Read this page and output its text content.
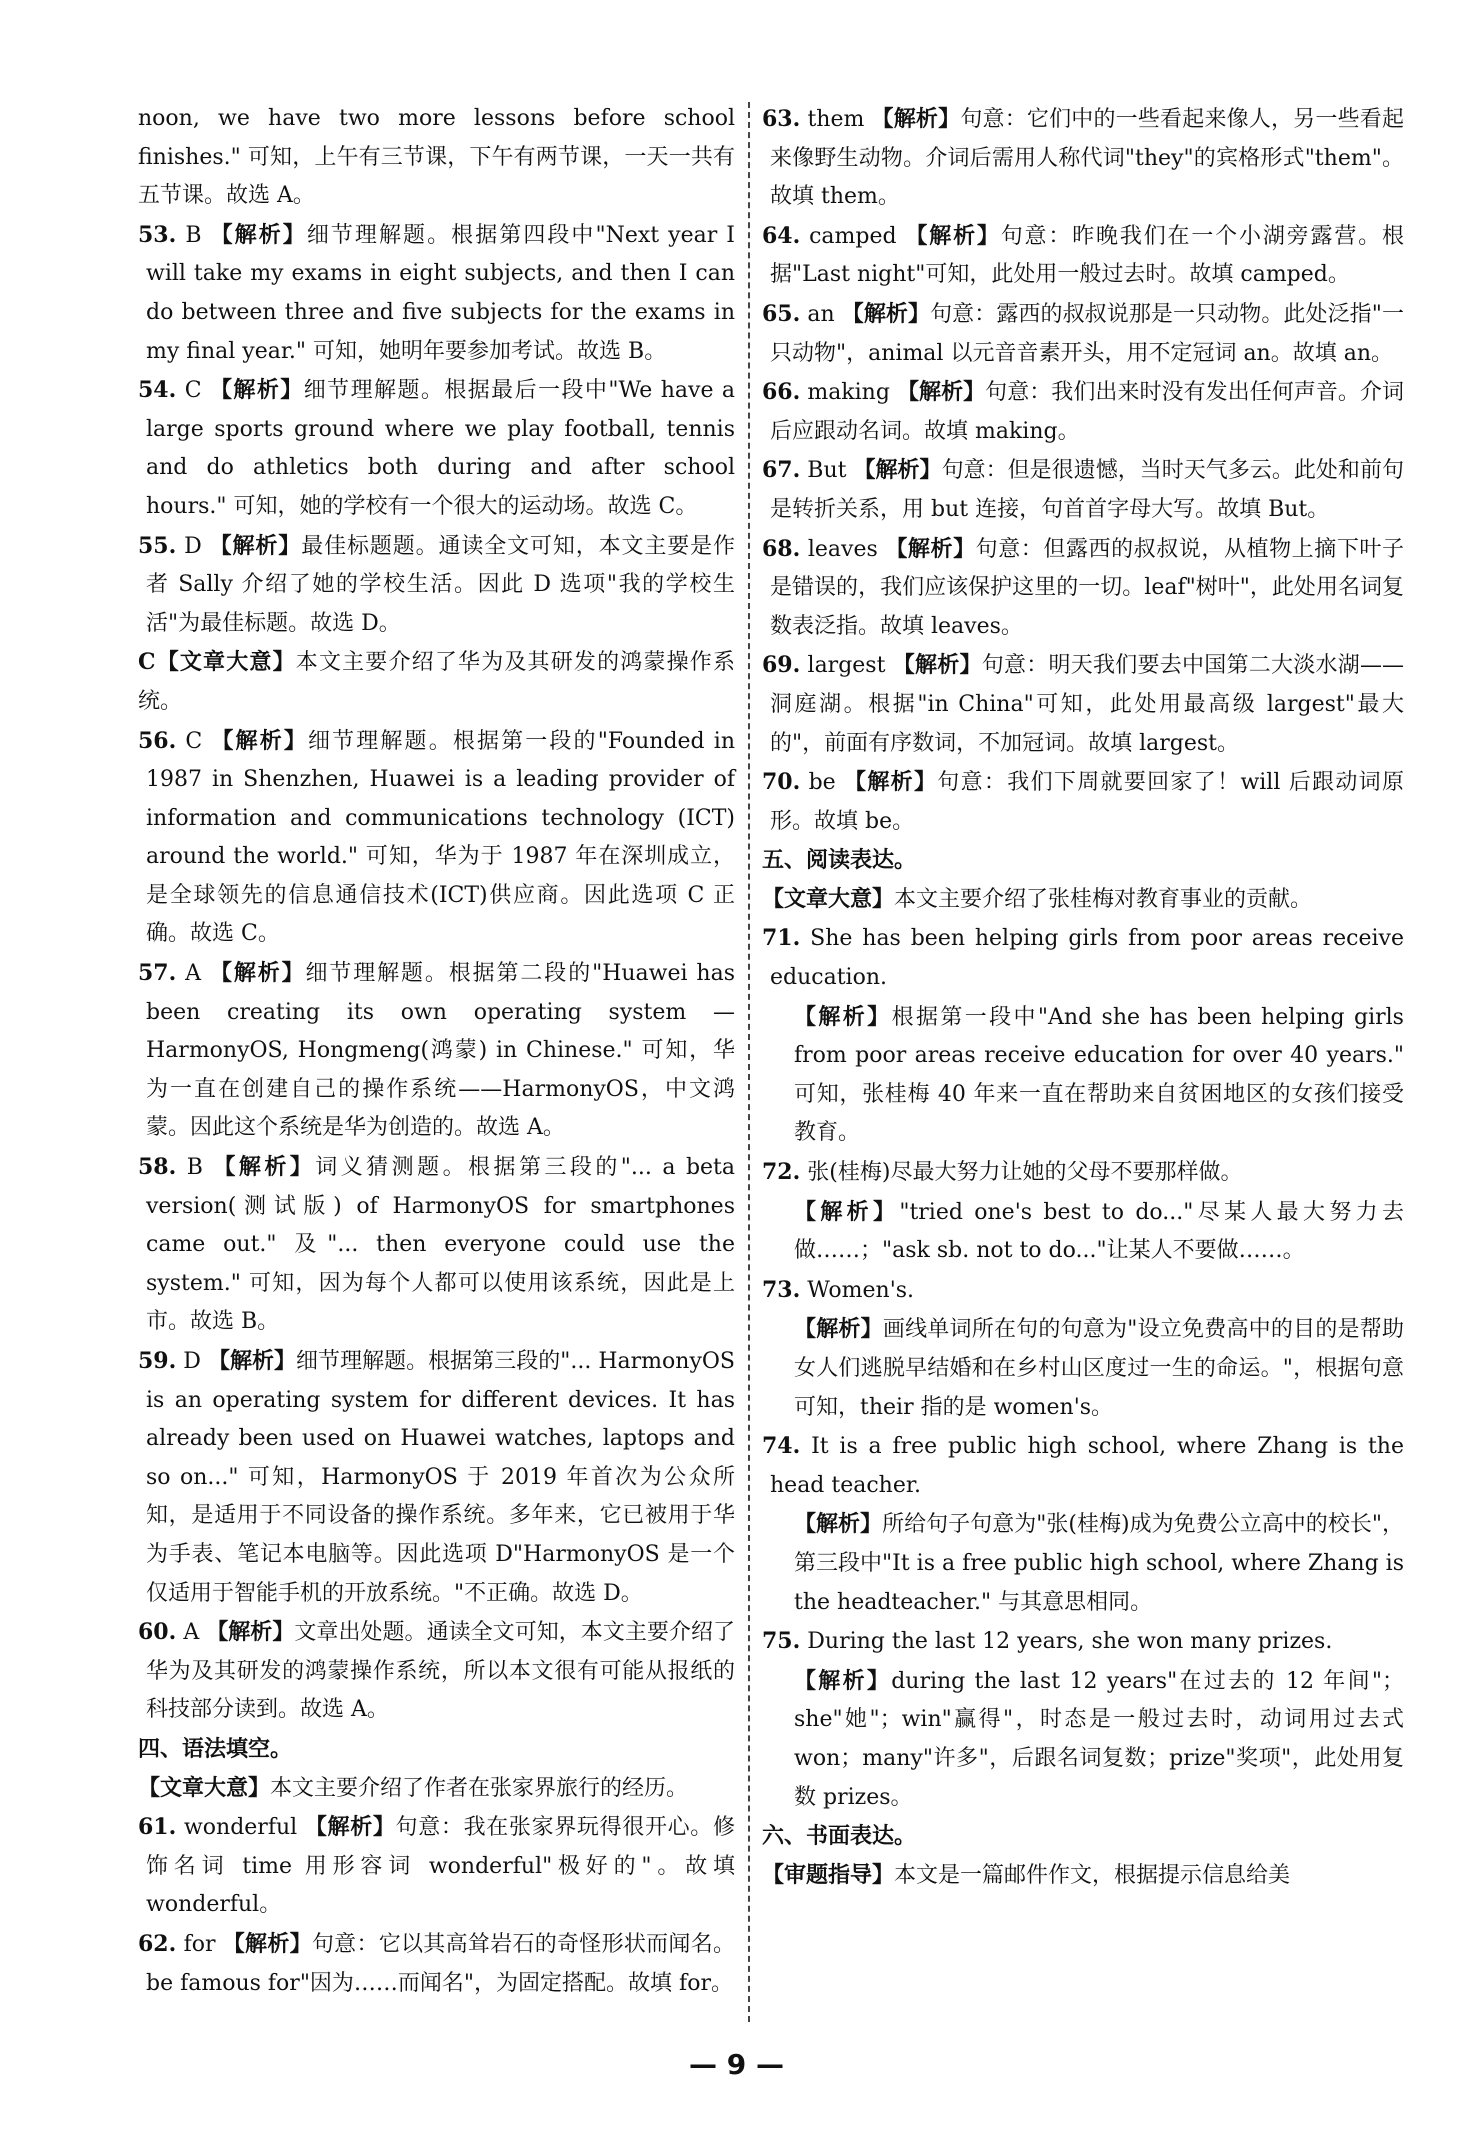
noon, we have two more lessons before school finishes." 可知，上午有三节课，下午有两节课，一天一共有五节课。故选 A。
53. B 【解析】细节理解题。根据第四段中"Next year I will take my exams in eight subjects, and then I can do between three and five subjects for the exams in my final year." 可知，她明年要参加考试。故选 B。
54. C 【解析】细节理解题。根据最后一段中"We have a large sports ground where we play football, tennis and do athletics both during and after school hours." 可知，她的学校有一个很大的运动场。故选 C。
55. D 【解析】最佳标题题。通读全文可知，本文主要是作者 Sally 介绍了她的学校生活。因此 D 选项"我的学校生活"为最佳标题。故选 D。
C【文章大意】本文主要介绍了华为及其研发的鸿蒙操作系统。
56. C 【解析】细节理解题。根据第一段的"Founded in 1987 in Shenzhen, Huawei is a leading provider of information and communications technology (ICT) around the world." 可知，华为于 1987 年在深圳成立，是全球领先的信息通信技术(ICT)供应商。因此选项 C 正确。故选 C。
57. A 【解析】细节理解题。根据第二段的"Huawei has been creating its own operating system — HarmonyOS, Hongmeng(鸿蒙) in Chinese." 可知，华为一直在创建自己的操作系统——HarmonyOS，中文鸿蒙。因此这个系统是华为创造的。故选 A。
58. B 【解析】词义猜测题。根据第三段的"... a beta version(测试版) of HarmonyOS for smartphones came out." 及"... then everyone could use the system." 可知，因为每个人都可以使用该系统，因此是上市。故选 B。
59. D 【解析】细节理解题。根据第三段的"... HarmonyOS is an operating system for different devices. It has already been used on Huawei watches, laptops and so on..." 可知，HarmonyOS 于 2019 年首次为公众所知，是适用于不同设备的操作系统。多年来，它已被用于华为手表、笔记本电脑等。因此选项 D"HarmonyOS 是一个仅适用于智能手机的开放系统。"不正确。故选 D。
60. A 【解析】文章出处题。通读全文可知，本文主要介绍了华为及其研发的鸿蒙操作系统，所以本文很有可能从报纸的科技部分读到。故选 A。
四、语法填空。
【文章大意】本文主要介绍了作者在张家界旅行的经历。
61. wonderful 【解析】句意：我在张家界玩得很开心。修饰名词 time 用形容词 wonderful"极好的"。故填 wonderful。
62. for 【解析】句意：它以其高耸岩石的奇怪形状而闻名。be famous for"因为……而闻名"，为固定搭配。故填 for。
63. them 【解析】句意：它们中的一些看起来像人，另一些看起来像野生动物。介词后需用人称代词"they"的宾格形式"them"。故填 them。
64. camped 【解析】句意：昨晚我们在一个小湖旁露营。根据"Last night"可知，此处用一般过去时。故填 camped。
65. an 【解析】句意：露西的叔叔说那是一只动物。此处泛指"一只动物"，animal 以元音音素开头，用不定冠词 an。故填 an。
66. making 【解析】句意：我们出来时没有发出任何声音。介词后应跟动名词。故填 making。
67. But 【解析】句意：但是很遗憾，当时天气多云。此处和前句是转折关系，用 but 连接，句首首字母大写。故填 But。
68. leaves 【解析】句意：但露西的叔叔说，从植物上摘下叶子是错误的，我们应该保护这里的一切。leaf"树叶"，此处用名词复数表泛指。故填 leaves。
69. largest 【解析】句意：明天我们要去中国第二大淡水湖——洞庭湖。根据"in China"可知，此处用最高级 largest"最大的"，前面有序数词，不加冠词。故填 largest。
70. be 【解析】句意：我们下周就要回家了！will 后跟动词原形。故填 be。
五、阅读表达。
【文章大意】本文主要介绍了张桂梅对教育事业的贡献。
71. She has been helping girls from poor areas receive education.
【解析】根据第一段中"And she has been helping girls from poor areas receive education for over 40 years." 可知，张桂梅 40 年来一直在帮助来自贫困地区的女孩们接受教育。
72. 张(桂梅)尽最大努力让她的父母不要那样做。
【解析】"tried one's best to do..."尽某人最大努力去做……；"ask sb. not to do..."让某人不要做……。
73. Women's.
【解析】画线单词所在句的句意为"设立免费高中的目的是帮助女人们逃脱早结婚和在乡村山区度过一生的命运。"，根据句意可知，their 指的是 women's。
74. It is a free public high school, where Zhang is the head teacher.
【解析】所给句子句意为"张(桂梅)成为免费公立高中的校长"，第三段中"It is a free public high school, where Zhang is the headteacher." 与其意思相同。
75. During the last 12 years, she won many prizes.
【解析】during the last 12 years"在过去的 12 年间"；she"她"；win"赢得"，时态是一般过去时，动词用过去式 won；many"许多"，后跟名词复数；prize"奖项"，此处用复数 prizes。
六、书面表达。
【审题指导】本文是一篇邮件作文，根据提示信息给美
— 9 —
